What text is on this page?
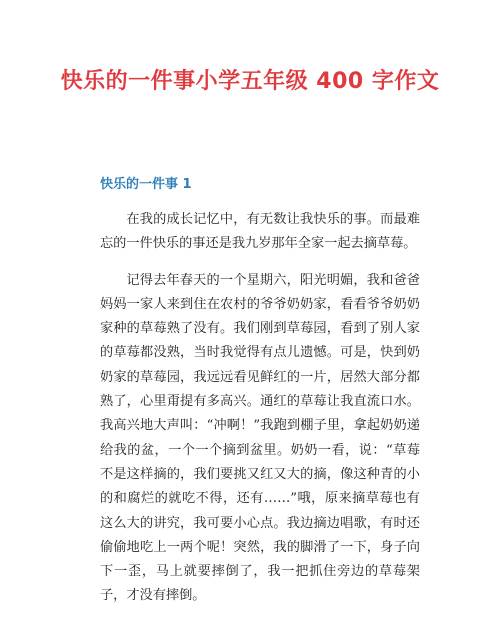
快乐的一件事小学五年级 400 字作文
快乐的一件事 1

在我的成长记忆中，有无数让我快乐的事。而最难忘的一件快乐的事还是我九岁那年全家一起去摘草莓。

记得去年春天的一个星期六，阳光明媚，我和爸爸妈妈一家人来到住在农村的爷爷奶奶家，看看爷爷奶奶家种的草莓熟了没有。我们刚到草莓园，看到了别人家的草莓都没熟，当时我觉得有点儿遗憾。可是，快到奶奶家的草莓园，我远远看见鲜红的一片，居然大部分都熟了，心里甭提有多高兴。通红的草莓让我直流口水。我高兴地大声叫：“冲啊！”我跑到棚子里，拿起奶奶递给我的盆，一个一个摘到盆里。奶奶一看，说：“草莓不是这样摘的，我们要挑又红又大的摘，像这种青的小的和腐烂的就吃不得，还有……”哦，原来摘草莓也有这么大的讲究，我可要小心点。我边摘边唱歌，有时还偷偷地吃上一两个呢！突然，我的脚滑了一下，身子向下一歪，马上就要摔倒了，我一把抓住旁边的草莓架子，才没有摔倒。
